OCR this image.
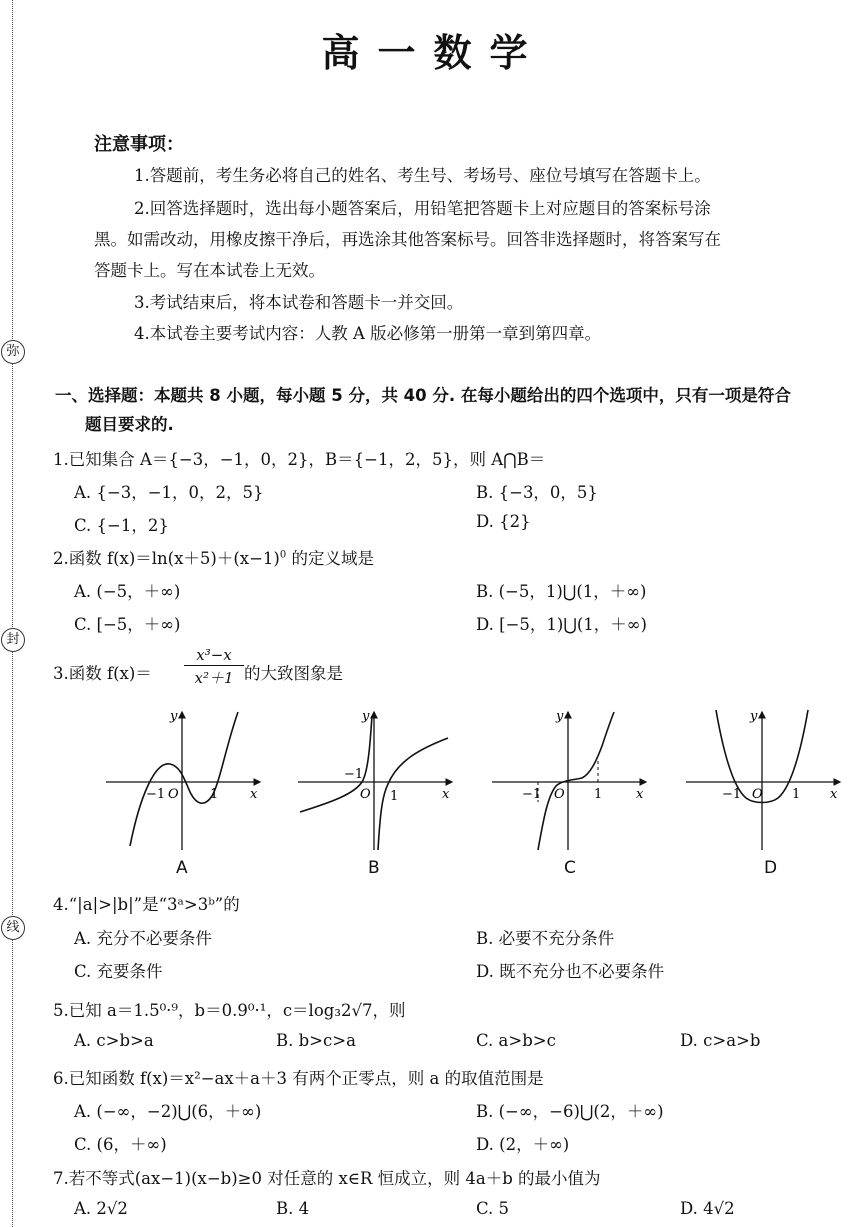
弥
封
线
高一数学
注意事项：
1.答题前，考生务必将自己的姓名、考生号、考场号、座位号填写在答题卡上。
2.回答选择题时，选出每小题答案后，用铅笔把答题卡上对应题目的答案标号涂
黑。如需改动，用橡皮擦干净后，再选涂其他答案标号。回答非选择题时，将答案写在
答题卡上。写在本试卷上无效。
3.考试结束后，将本试卷和答题卡一并交回。
4.本试卷主要考试内容：人教 A 版必修第一册第一章到第四章。
一、选择题：本题共 8 小题，每小题 5 分，共 40 分. 在每小题给出的四个选项中，只有一项是符合
题目要求的.
1.已知集合 A＝{−3，−1，0，2}，B＝{−1，2，5}，则 A⋂B＝
A. {−3，−1，0，2，5}	B. {−3，0，5}
C. {−1，2}	D. {2}
2.函数 $f(x)=\ln(x+5)+(x-1)^0$ 的定义域是
A. (−5，＋∞)	B. (−5，1)⋃(1，＋∞)
C. [−5，＋∞)	D. [−5，1)⋃(1，＋∞)
3.函数 $f(x)= \frac{\text{x³−x}}{\text{x²＋1}}$ 的大致图象是
x
y
−1 O 1	x
y
−1
O 1	x
y
−1 O 1	x
y
−1 O 1
A	B	C	D
4.“|a|>|b|”是“3ᵃ>3ᵇ”的
A. 充分不必要条件	B. 必要不充分条件
C. 充要条件	D. 既不充分也不必要条件
5.已知 a＝1.5⁰·⁹，b＝0.9⁰·¹，c＝log₃2√7，则
A. c>b>a	B. b>c>a	C. a>b>c	D. c>a>b
6.已知函数 f(x)＝x²−ax＋a＋3 有两个正零点，则 a 的取值范围是
A. (−∞，−2)⋃(6，＋∞)	B. (−∞，−6)⋃(2，＋∞)
C. (6，＋∞)	D. (2，＋∞)
7.若不等式(ax−1)(x−b)≥0 对任意的 x∈R 恒成立，则 4a＋b 的最小值为
A. 2√2	B. 4	C. 5	D. 4√2
